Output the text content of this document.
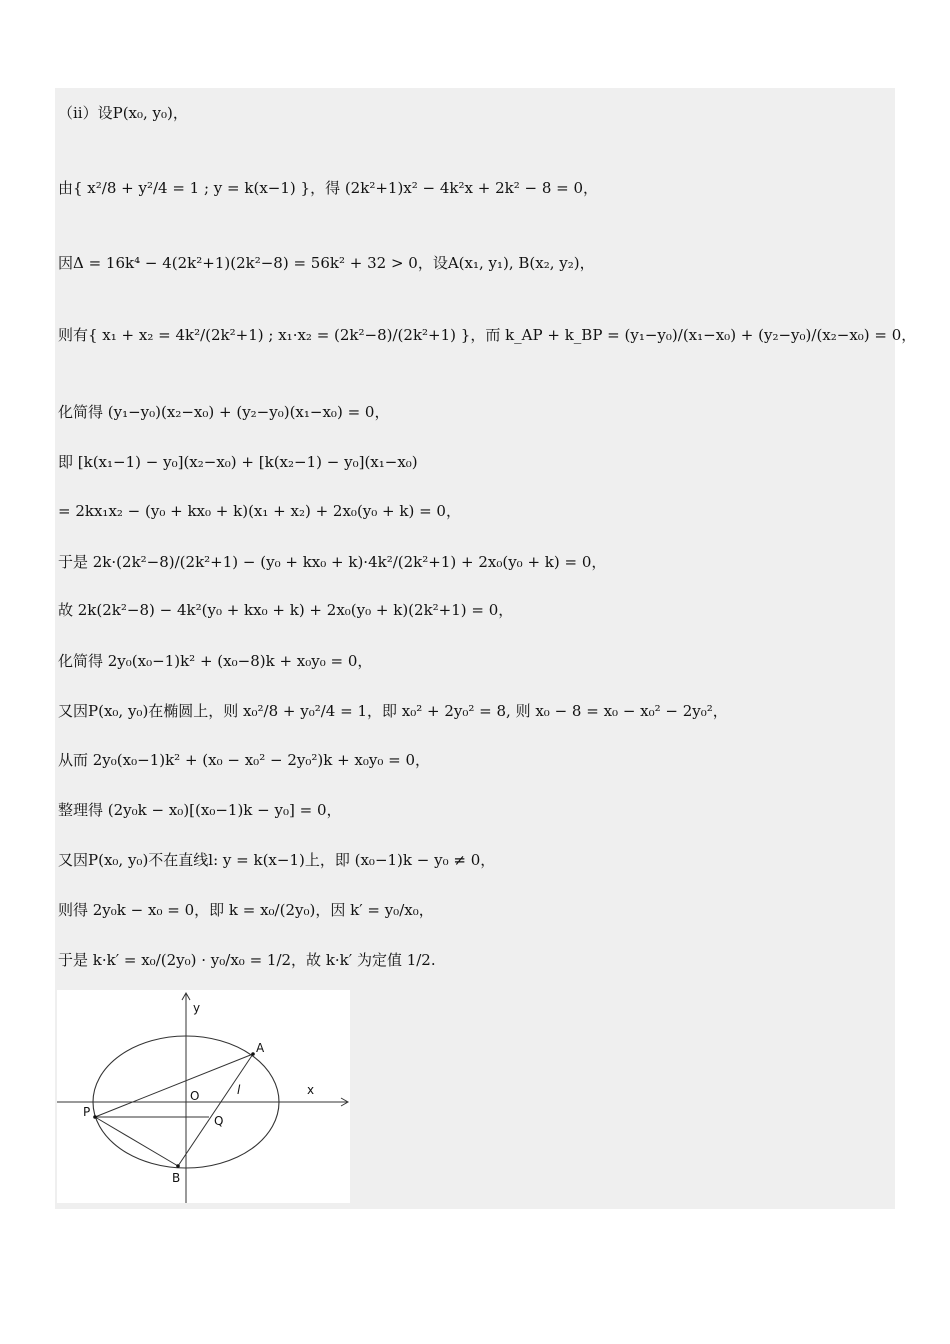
（ii）设P(x₀, y₀)，
由{ x²/8 + y²/4 = 1 ; y = k(x−1) }，得 (2k²+1)x² − 4k²x + 2k² − 8 = 0，
因Δ = 16k⁴ − 4(2k²+1)(2k²−8) = 56k² + 32 > 0，设A(x₁, y₁), B(x₂, y₂)，
则有{ x₁ + x₂ = 4k²/(2k²+1) ; x₁·x₂ = (2k²−8)/(2k²+1) }，而 k_AP + k_BP = (y₁−y₀)/(x₁−x₀) + (y₂−y₀)/(x₂−x₀) = 0，
化简得 (y₁−y₀)(x₂−x₀) + (y₂−y₀)(x₁−x₀) = 0，
即 [k(x₁−1) − y₀](x₂−x₀) + [k(x₂−1) − y₀](x₁−x₀)
= 2kx₁x₂ − (y₀ + kx₀ + k)(x₁ + x₂) + 2x₀(y₀ + k) = 0，
于是 2k·(2k²−8)/(2k²+1) − (y₀ + kx₀ + k)·4k²/(2k²+1) + 2x₀(y₀ + k) = 0，
故 2k(2k²−8) − 4k²(y₀ + kx₀ + k) + 2x₀(y₀ + k)(2k²+1) = 0，
化简得 2y₀(x₀−1)k² + (x₀−8)k + x₀y₀ = 0，
又因P(x₀, y₀)在椭圆上，则 x₀²/8 + y₀²/4 = 1，即 x₀² + 2y₀² = 8, 则 x₀ − 8 = x₀ − x₀² − 2y₀²，
从而 2y₀(x₀−1)k² + (x₀ − x₀² − 2y₀²)k + x₀y₀ = 0，
整理得 (2y₀k − x₀)[(x₀−1)k − y₀] = 0，
又因P(x₀, y₀)不在直线l: y = k(x−1)上，即 (x₀−1)k − y₀ ≠ 0，
则得 2y₀k − x₀ = 0，即 k = x₀/(2y₀)，因 k′ = y₀/x₀，
于是 k·k′ = x₀/(2y₀) · y₀/x₀ = 1/2，故 k·k′ 为定值 1/2.
y
x
O
A
P
Q
B
l
